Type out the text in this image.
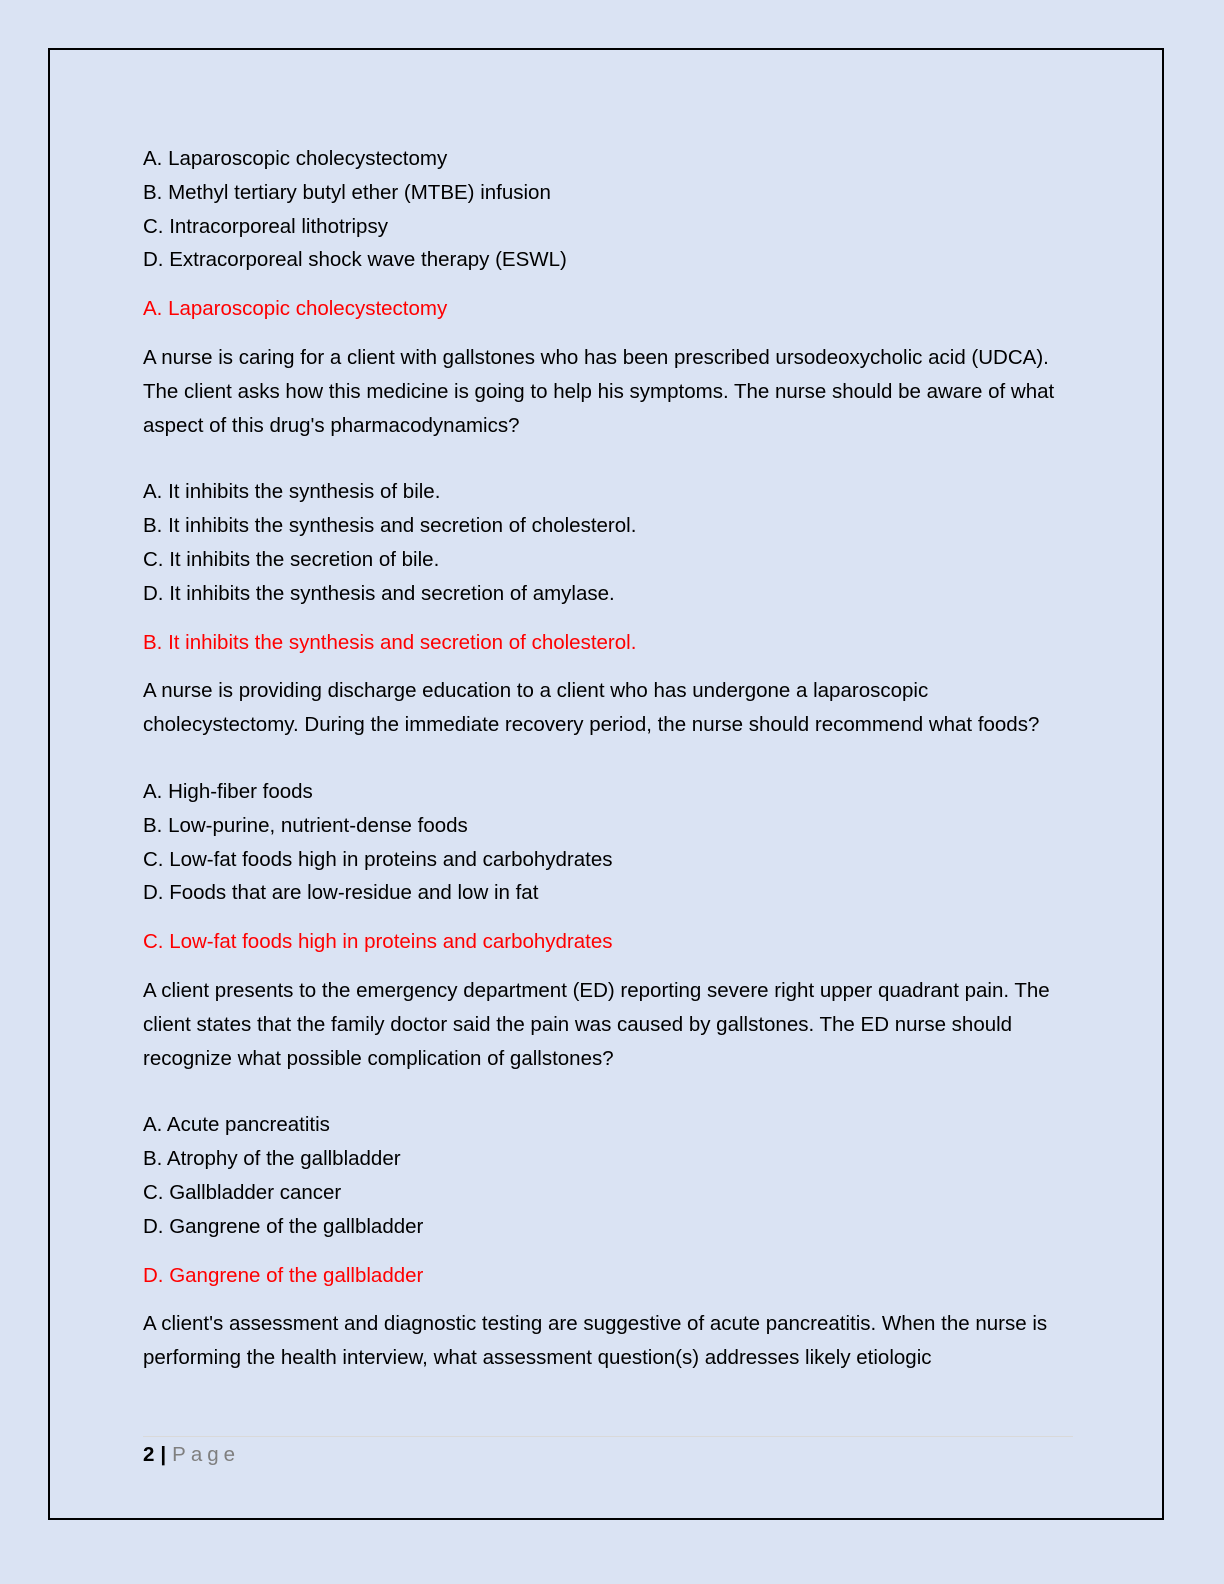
A. Laparoscopic cholecystectomy

B. Methyl tertiary butyl ether (MTBE) infusion

C. Intracorporeal lithotripsy

D. Extracorporeal shock wave therapy (ESWL)

A. Laparoscopic cholecystectomy

A nurse is caring for a client with gallstones who has been prescribed ursodeoxycholic acid (UDCA). The client asks how this medicine is going to help his symptoms. The nurse should be aware of what aspect of this drug's pharmacodynamics?

A. It inhibits the synthesis of bile.

B. It inhibits the synthesis and secretion of cholesterol.

C. It inhibits the secretion of bile.

D. It inhibits the synthesis and secretion of amylase.

B. It inhibits the synthesis and secretion of cholesterol.

A nurse is providing discharge education to a client who has undergone a laparoscopic cholecystectomy. During the immediate recovery period, the nurse should recommend what foods?

A. High-fiber foods

B. Low-purine, nutrient-dense foods

C. Low-fat foods high in proteins and carbohydrates

D. Foods that are low-residue and low in fat

C. Low-fat foods high in proteins and carbohydrates

A client presents to the emergency department (ED) reporting severe right upper quadrant pain. The client states that the family doctor said the pain was caused by gallstones. The ED nurse should recognize what possible complication of gallstones?

A. Acute pancreatitis

B. Atrophy of the gallbladder

C. Gallbladder cancer

D. Gangrene of the gallbladder

D. Gangrene of the gallbladder

A client's assessment and diagnostic testing are suggestive of acute pancreatitis. When the nurse is performing the health interview, what assessment question(s) addresses likely etiologic

2 | Page
